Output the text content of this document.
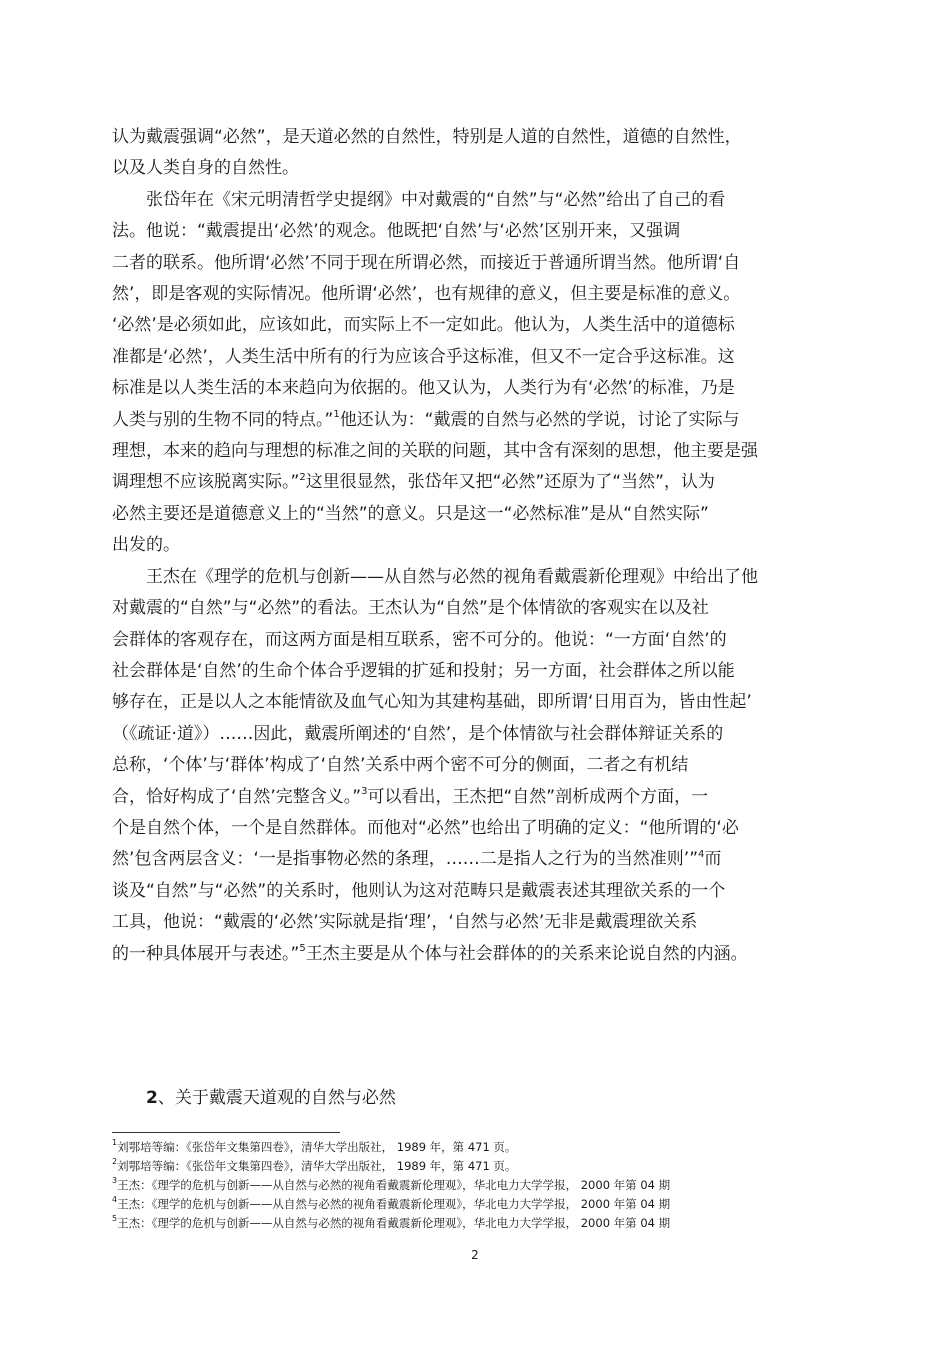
认为戴震强调“必然”，是天道必然的自然性，特别是人道的自然性，道德的自然性，

以及人类自身的自然性。

张岱年在《宋元明清哲学史提纲》中对戴震的“自然”与“必然”给出了自己的看

法。他说：“戴震提出‘必然’的观念。他既把‘自然’与‘必然’区别开来，又强调

二者的联系。他所谓‘必然’不同于现在所谓必然，而接近于普通所谓当然。他所谓‘自

然’，即是客观的实际情况。他所谓‘必然’，也有规律的意义，但主要是标准的意义。

‘必然’是必须如此，应该如此，而实际上不一定如此。他认为，人类生活中的道德标

准都是‘必然’，人类生活中所有的行为应该合乎这标准，但又不一定合乎这标准。这

标准是以人类生活的本来趋向为依据的。他又认为，人类行为有‘必然’的标准，乃是

人类与别的生物不同的特点。”$^1$他还认为：“戴震的自然与必然的学说，讨论了实际与

理想，本来的趋向与理想的标准之间的关联的问题，其中含有深刻的思想，他主要是强

调理想不应该脱离实际。”$^2$这里很显然，张岱年又把“必然”还原为了“当然”，认为

必然主要还是道德意义上的“当然”的意义。只是这一“必然标准”是从“自然实际”

出发的。

王杰在《理学的危机与创新——从自然与必然的视角看戴震新伦理观》中给出了他

对戴震的“自然”与“必然”的看法。王杰认为“自然”是个体情欲的客观实在以及社

会群体的客观存在，而这两方面是相互联系，密不可分的。他说：“一方面‘自然’的

社会群体是‘自然’的生命个体合乎逻辑的扩延和投射；另一方面，社会群体之所以能

够存在，正是以人之本能情欲及血气心知为其建构基础，即所谓‘日用百为，皆由性起’

（《疏证·道》）……因此，戴震所阐述的‘自然’，是个体情欲与社会群体辩证关系的

总称，‘个体’与‘群体’构成了‘自然’关系中两个密不可分的侧面，二者之有机结

合，恰好构成了‘自然’完整含义。”$^3$可以看出，王杰把“自然”剖析成两个方面，一

个是自然个体，一个是自然群体。而他对“必然”也给出了明确的定义：“他所谓的‘必

然’包含两层含义：‘一是指事物必然的条理，……二是指人之行为的当然准则’”$^4$而

谈及“自然”与“必然”的关系时，他则认为这对范畴只是戴震表述其理欲关系的一个

工具，他说：“戴震的‘必然’实际就是指‘理’，‘自然与必然’无非是戴震理欲关系

的一种具体展开与表述。”$^5$王杰主要是从个体与社会群体的的关系来论说自然的内涵。

2、关于戴震天道观的自然与必然

$^1$刘鄂培等编：《张岱年文集第四卷》，清华大学出版社， 1989 年，第 471 页。

$^2$刘鄂培等编：《张岱年文集第四卷》，清华大学出版社， 1989 年，第 471 页。

$^3$王杰：《理学的危机与创新——从自然与必然的视角看戴震新伦理观》，华北电力大学学报， 2000 年第 04 期

$^4$王杰：《理学的危机与创新——从自然与必然的视角看戴震新伦理观》，华北电力大学学报， 2000 年第 04 期

$^5$王杰：《理学的危机与创新——从自然与必然的视角看戴震新伦理观》，华北电力大学学报， 2000 年第 04 期

2
